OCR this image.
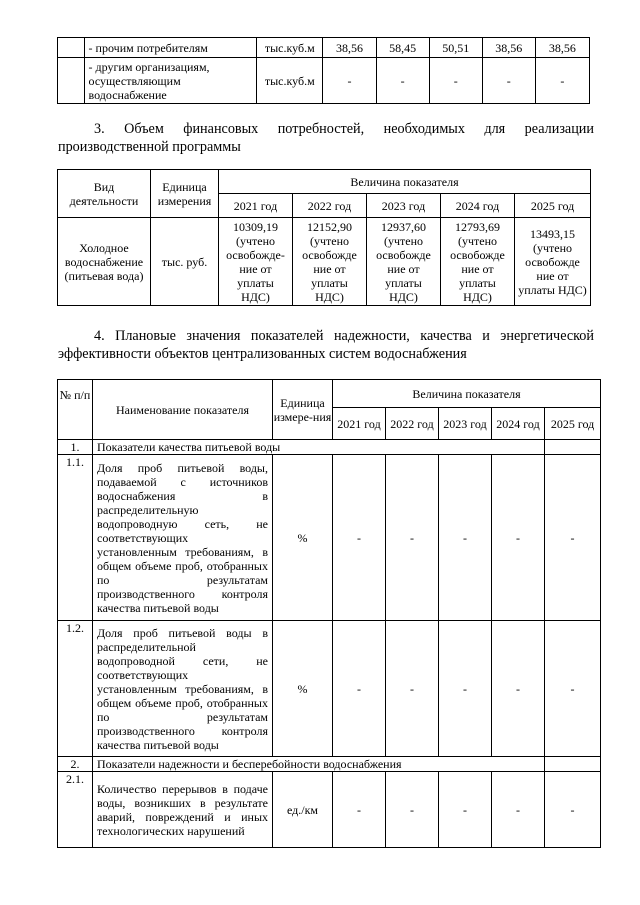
	- прочим потребителям	тыс.куб.м	38,56	58,45	50,51	38,56	38,56
	- другим организациям, осуществляющим водоснабжение	тыс.куб.м	-	-	-	-	-
3. Объем финансовых потребностей, необходимых для реализации производственной программы
Вид деятельности	Единица измерения	Величина показателя				
		2021 год	2022 год	2023 год	2024 год	2025 год
Холодное водоснабжение (питьевая вода)	тыс. руб.	10309,19 (учтено освобожде-ние от уплаты НДС)	12152,90 (учтено освобожде ние от уплаты НДС)	12937,60 (учтено освобожде ние от уплаты НДС)	12793,69 (учтено освобожде ние от уплаты НДС)	13493,15 (учтено освобожде ние от уплаты НДС)
4. Плановые значения показателей надежности, качества и энергетической эффективности объектов централизованных систем водоснабжения
№ п/п	Наименование показателя	Единица измере-ния	Величина показателя				
			2021 год	2022 год	2023 год	2024 год	2025 год
1.	Показатели качества питьевой воды						
1.1.	Доля проб питьевой воды, подаваемой с источников водоснабжения в распределительную водопроводную сеть, не соответствующих установленным требованиям, в общем объеме проб, отобранных по результатам производственного контроля качества питьевой воды	%	-	-	-	-	-
1.2.	Доля проб питьевой воды в распределительной водопроводной сети, не соответствующих установленным требованиям, в общем объеме проб, отобранных по результатам производственного контроля качества питьевой воды	%	-	-	-	-	-
2.	Показатели надежности и бесперебойности водоснабжения						
2.1.	Количество перерывов в подаче воды, возникших в результате аварий, повреждений и иных технологических нарушений	ед./км	-	-	-	-	-
